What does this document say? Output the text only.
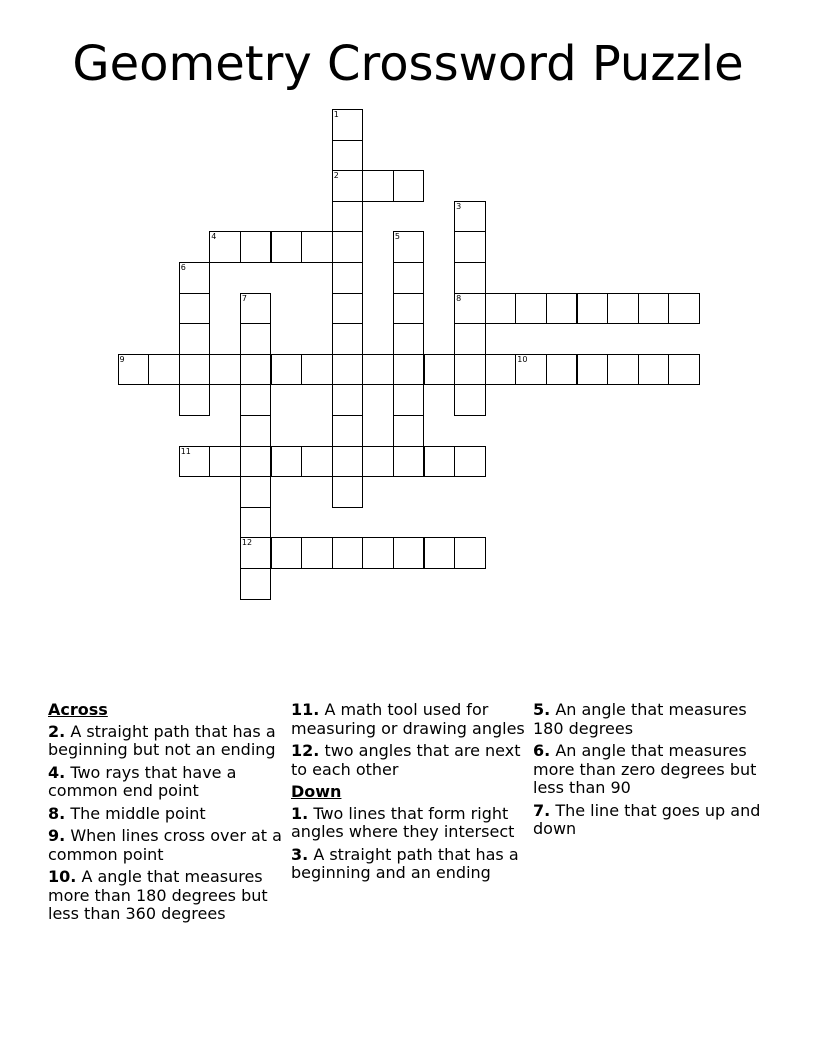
Geometry Crossword Puzzle
2
4
8
9	10
11
12
1
3
5
6
7
Across
2. A straight path that has a beginning but not an ending
4. Two rays that have a common end point
8. The middle point
9. When lines cross over at a common point
10. A angle that measures more than 180 degrees but less than 360 degrees
11. A math tool used for measuring or drawing angles
12. two angles that are next to each other
Down
1. Two lines that form right angles where they intersect
3. A straight path that has a beginning and an ending
5. An angle that measures 180 degrees
6. An angle that measures more than zero degrees but less than 90
7. The line that goes up and down
